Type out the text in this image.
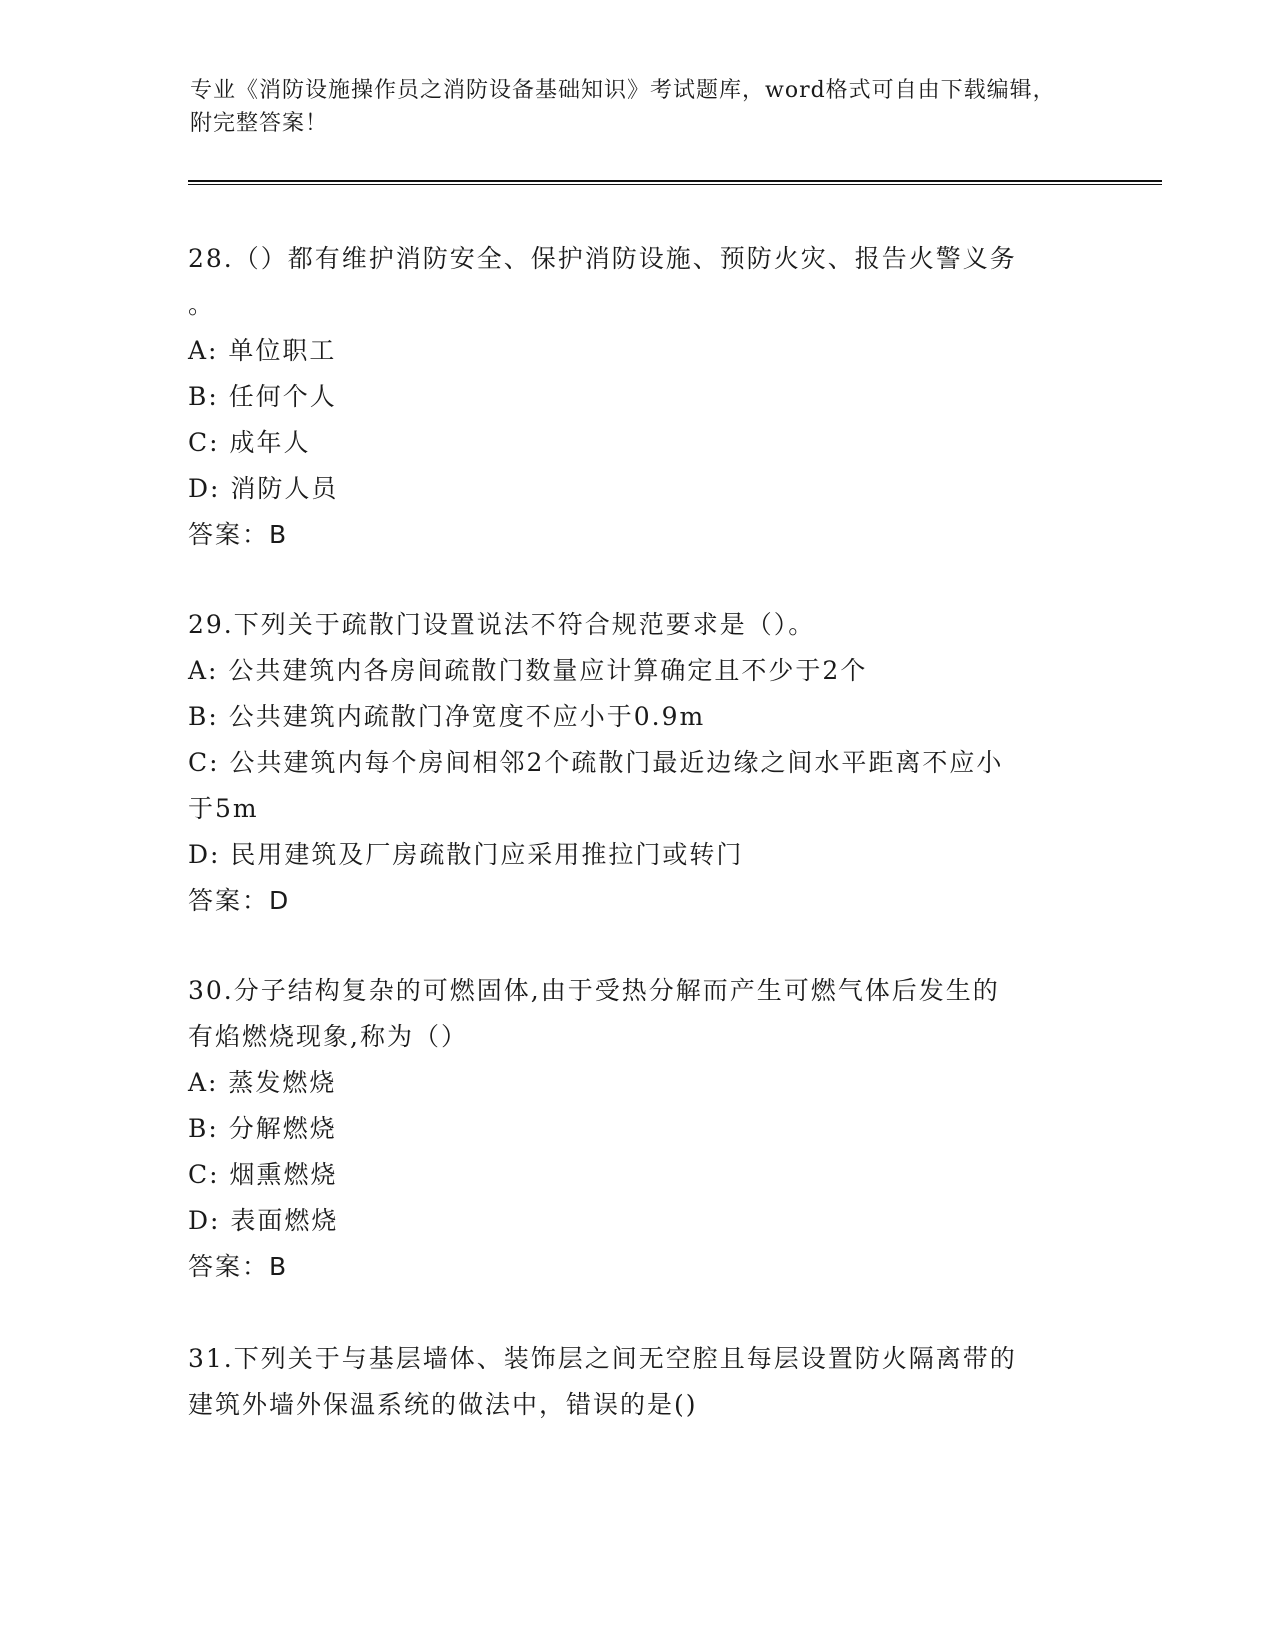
专业《消防设施操作员之消防设备基础知识》考试题库，word格式可自由下载编辑，附完整答案！

28.（）都有维护消防安全、保护消防设施、预防火灾、报告火警义务

。

A: 单位职工

B: 任何个人

C: 成年人

D: 消防人员

答案：B

29.下列关于疏散门设置说法不符合规范要求是（）。

A: 公共建筑内各房间疏散门数量应计算确定且不少于2个

B: 公共建筑内疏散门净宽度不应小于0.9m

C: 公共建筑内每个房间相邻2个疏散门最近边缘之间水平距离不应小

于5m

D: 民用建筑及厂房疏散门应采用推拉门或转门

答案：D

30.分子结构复杂的可燃固体,由于受热分解而产生可燃气体后发生的

有焰燃烧现象,称为（）

A: 蒸发燃烧

B: 分解燃烧

C: 烟熏燃烧

D: 表面燃烧

答案：B

31.下列关于与基层墙体、装饰层之间无空腔且每层设置防火隔离带的

建筑外墙外保温系统的做法中，错误的是()
